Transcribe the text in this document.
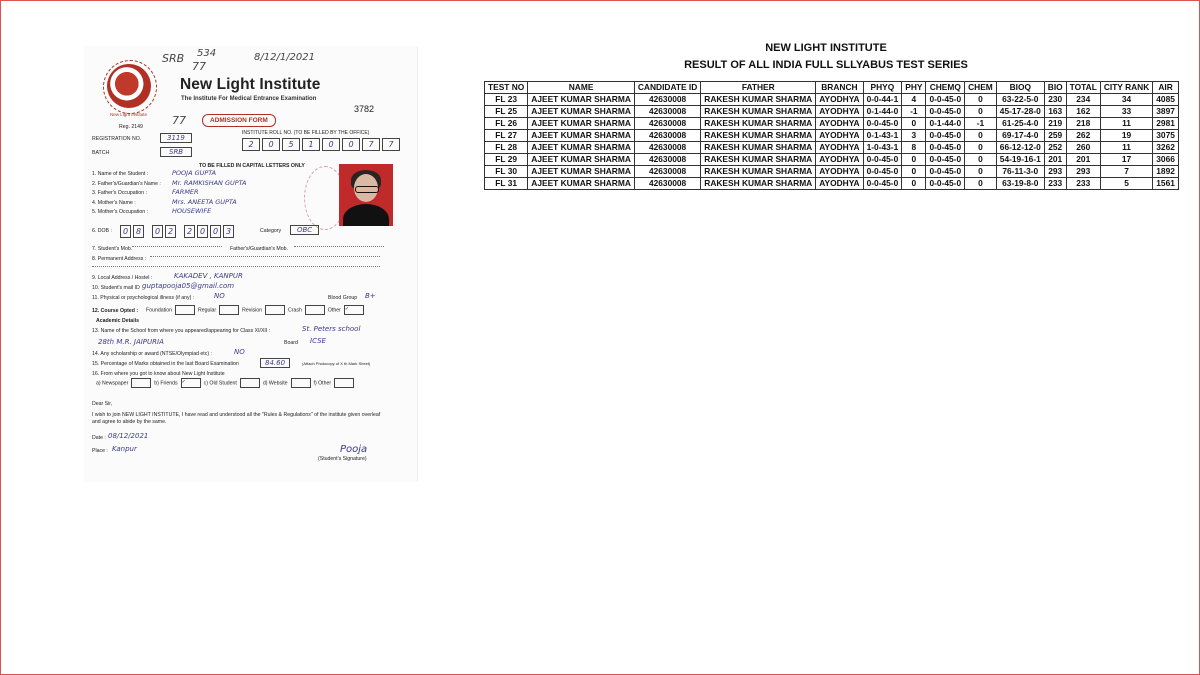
SRB 534
77
8/12/1/2021
New Light Institute
New Light Institute
The Institute For Medical Entrance Examination
Reg. 2149	77	ADMISSION FORM
3782
REGISTRATION NO.	3119
BATCH	SRB
INSTITUTE ROLL NO. (TO BE FILLED BY THE OFFICE)
2	0	5	1	0	0	7	7
TO BE FILLED IN CAPITAL LETTERS ONLY
1. Name of the Student :	POOJA GUPTA
2. Father's/Guardian's Name : Mr. RAMKISHAN GUPTA
3. Father's Occupation :	FARMER
4. Mother's Name :	Mrs. ANEETA GUPTA
5. Mother's Occupation :	HOUSEWIFE
6. DOB :	0 8	0 2	2 0 0 3	Category	OBC
7. Student's Mob.	Father's/Guardian's Mob.
8. Permanent Address :
9. Local Address / Hostel :	KAKADEV , KANPUR
10. Student's mail ID guptapooja05@gmail.com
11. Physical or psychological illness (if any) :	NO	Blood Group B+
12. Course Opted : Foundation	Regular	Revision	Crash	Other ✓
Academic Details
13. Name of the School from where you appeared/appearing for Class XI/XII :	St. Peters school
28th M.R. JAIPURIA	Board ICSE
14. Any scholarship or award (NTSE/Olympiad etc) :	NO
15. Percentage of Marks obtained in the last Board Examination	84.60	(Attach Photocopy of X th Mark Sheet)
16. From where you got to know about New Light Institute
a) Newspaper	b) Friends ✓	c) Old Student	d) Website	f) Other
Dear Sir,
I wish to join NEW LIGHT INSTITUTE, I have read and understood all the "Rules & Regulations" of the institute given overleaf and agree to abide by the same.
Date : 08/12/2021
Place : Kanpur	Pooja
(Student's Signature)
NEW LIGHT INSTITUTE
RESULT OF ALL INDIA FULL SLLYABUS TEST SERIES
TEST NO	NAME	CANDIDATE ID	FATHER	BRANCH	PHYQ	PHY	CHEMQ	CHEM	BIOQ	BIO	TOTAL	CITY RANK	AIR
FL 23	AJEET KUMAR SHARMA	42630008	RAKESH KUMAR SHARMA	AYODHYA	0-0-44-1	4	0-0-45-0	0	63-22-5-0	230	234	34	4085
FL 25	AJEET KUMAR SHARMA	42630008	RAKESH KUMAR SHARMA	AYODHYA	0-1-44-0	-1	0-0-45-0	0	45-17-28-0	163	162	33	3897
FL 26	AJEET KUMAR SHARMA	42630008	RAKESH KUMAR SHARMA	AYODHYA	0-0-45-0	0	0-1-44-0	-1	61-25-4-0	219	218	11	2981
FL 27	AJEET KUMAR SHARMA	42630008	RAKESH KUMAR SHARMA	AYODHYA	0-1-43-1	3	0-0-45-0	0	69-17-4-0	259	262	19	3075
FL 28	AJEET KUMAR SHARMA	42630008	RAKESH KUMAR SHARMA	AYODHYA	1-0-43-1	8	0-0-45-0	0	66-12-12-0	252	260	11	3262
FL 29	AJEET KUMAR SHARMA	42630008	RAKESH KUMAR SHARMA	AYODHYA	0-0-45-0	0	0-0-45-0	0	54-19-16-1	201	201	17	3066
FL 30	AJEET KUMAR SHARMA	42630008	RAKESH KUMAR SHARMA	AYODHYA	0-0-45-0	0	0-0-45-0	0	76-11-3-0	293	293	7	1892
FL 31	AJEET KUMAR SHARMA	42630008	RAKESH KUMAR SHARMA	AYODHYA	0-0-45-0	0	0-0-45-0	0	63-19-8-0	233	233	5	1561
